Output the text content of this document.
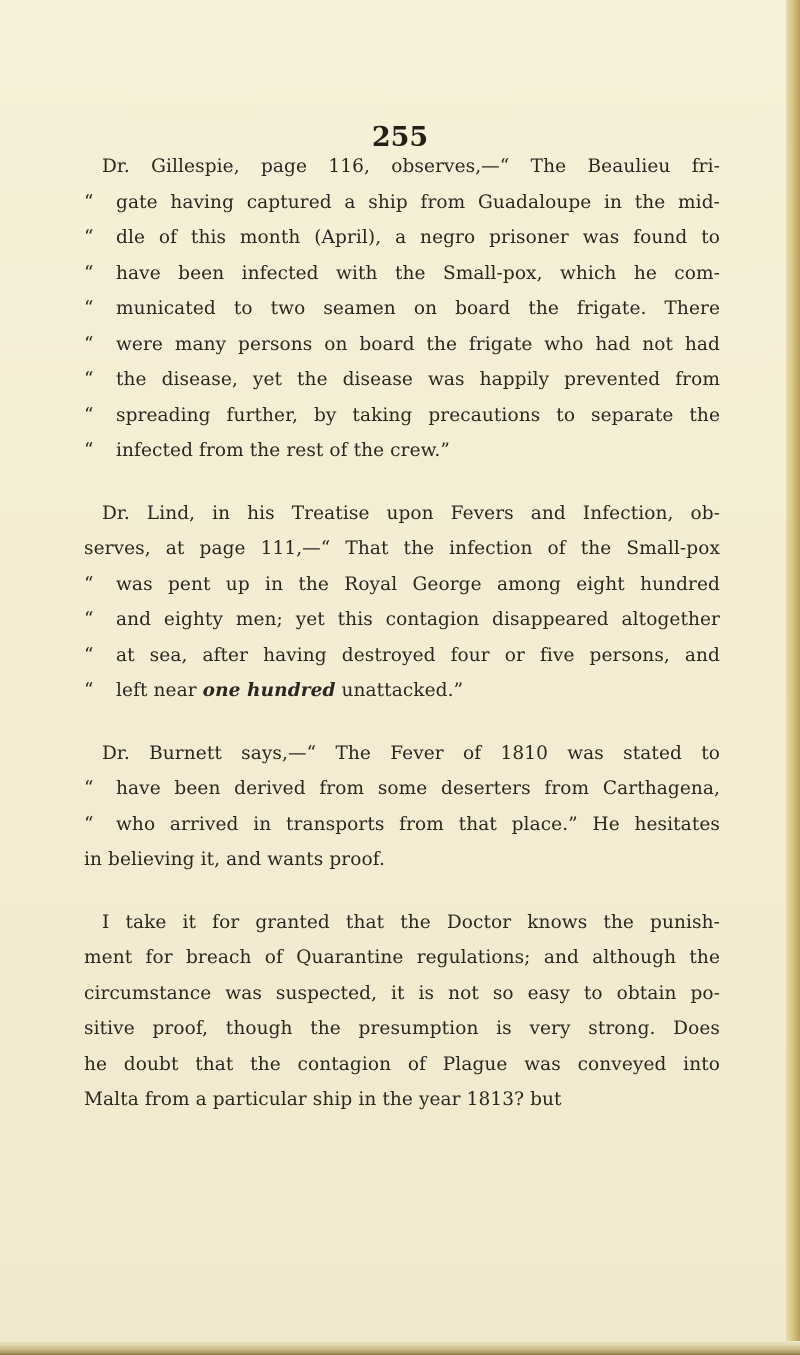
255
Dr. Gillespie, page 116, observes,—“ The Beaulieu fri-
“ gate having captured a ship from Guadaloupe in the mid-
“ dle of this month (April), a negro prisoner was found to
“ have been infected with the Small-pox, which he com-
“ municated to two seamen on board the frigate. There
“ were many persons on board the frigate who had not had
“ the disease, yet the disease was happily prevented from
“ spreading further, by taking precautions to separate the
“ infected from the rest of the crew.”
Dr. Lind, in his Treatise upon Fevers and Infection, ob-
serves, at page 111,—“ That the infection of the Small-pox
“ was pent up in the Royal George among eight hundred
“ and eighty men; yet this contagion disappeared altogether
“ at sea, after having destroyed four or five persons, and
“ left near one hundred unattacked.”
Dr. Burnett says,—“ The Fever of 1810 was stated to
“ have been derived from some deserters from Carthagena,
“ who arrived in transports from that place.” He hesitates
in believing it, and wants proof.
I take it for granted that the Doctor knows the punish-
ment for breach of Quarantine regulations; and although the
circumstance was suspected, it is not so easy to obtain po-
sitive proof, though the presumption is very strong. Does
he doubt that the contagion of Plague was conveyed into
Malta from a particular ship in the year 1813? but
